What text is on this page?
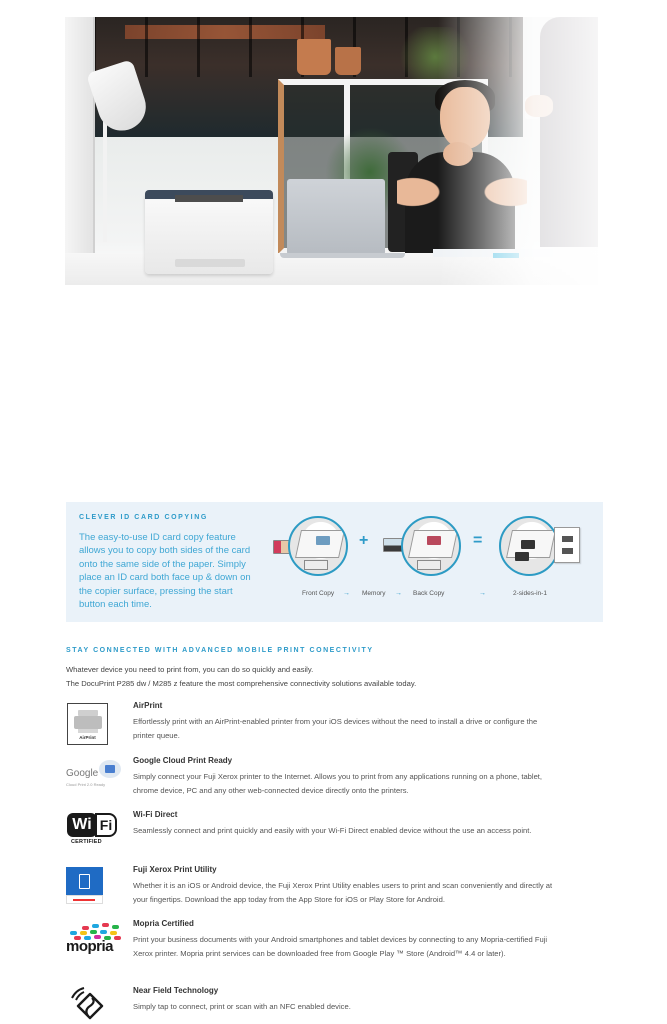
CLEVER ID CARD COPYING
The easy-to-use ID card copy feature allows you to copy both sides of the card onto the same side of the paper. Simply place an ID card both face up & down on the copier surface, pressing the start button each time.
+	=
Front Copy → Memory → Back Copy	→	2-sides-in-1
STAY CONNECTED WITH ADVANCED MOBILE PRINT CONECTIVITY
Whatever device you need to print from, you can do so quickly and easily.
The DocuPrint P285 dw / M285 z feature the most comprehensive connectivity solutions available today.
AirPrint
AirPrint
Effortlessly print with an AirPrint-enabled printer from your iOS devices without the need to install a drive or configure the printer queue.
Google
Cloud Print 2.0 Ready
Google Cloud Print Ready
Simply connect your Fuji Xerox printer to the Internet. Allows you to print from any applications running on a phone, tablet, chrome device, PC and any other web-connected device directly onto the printers.
Wi Fi
CERTIFIED
Wi-Fi Direct
Seamlessly connect and print quickly and easily with your Wi-Fi Direct enabled device without the use an access point.
Fuji Xerox Print Utility
Whether it is an iOS or Android device, the Fuji Xerox Print Utility enables users to print and scan conveniently and directly at your fingertips. Download the app today from the App Store for iOS or Play Store for Android.
mopria
Mopria Certified
Print your business documents with your Android smartphones and tablet devices by connecting to any Mopria-certified Fuji Xerox printer. Mopria print services can be downloaded free from Google Play ™ Store (Android™ 4.4 or later).
Near Field Technology
Simply tap to connect, print or scan with an NFC enabled device.
